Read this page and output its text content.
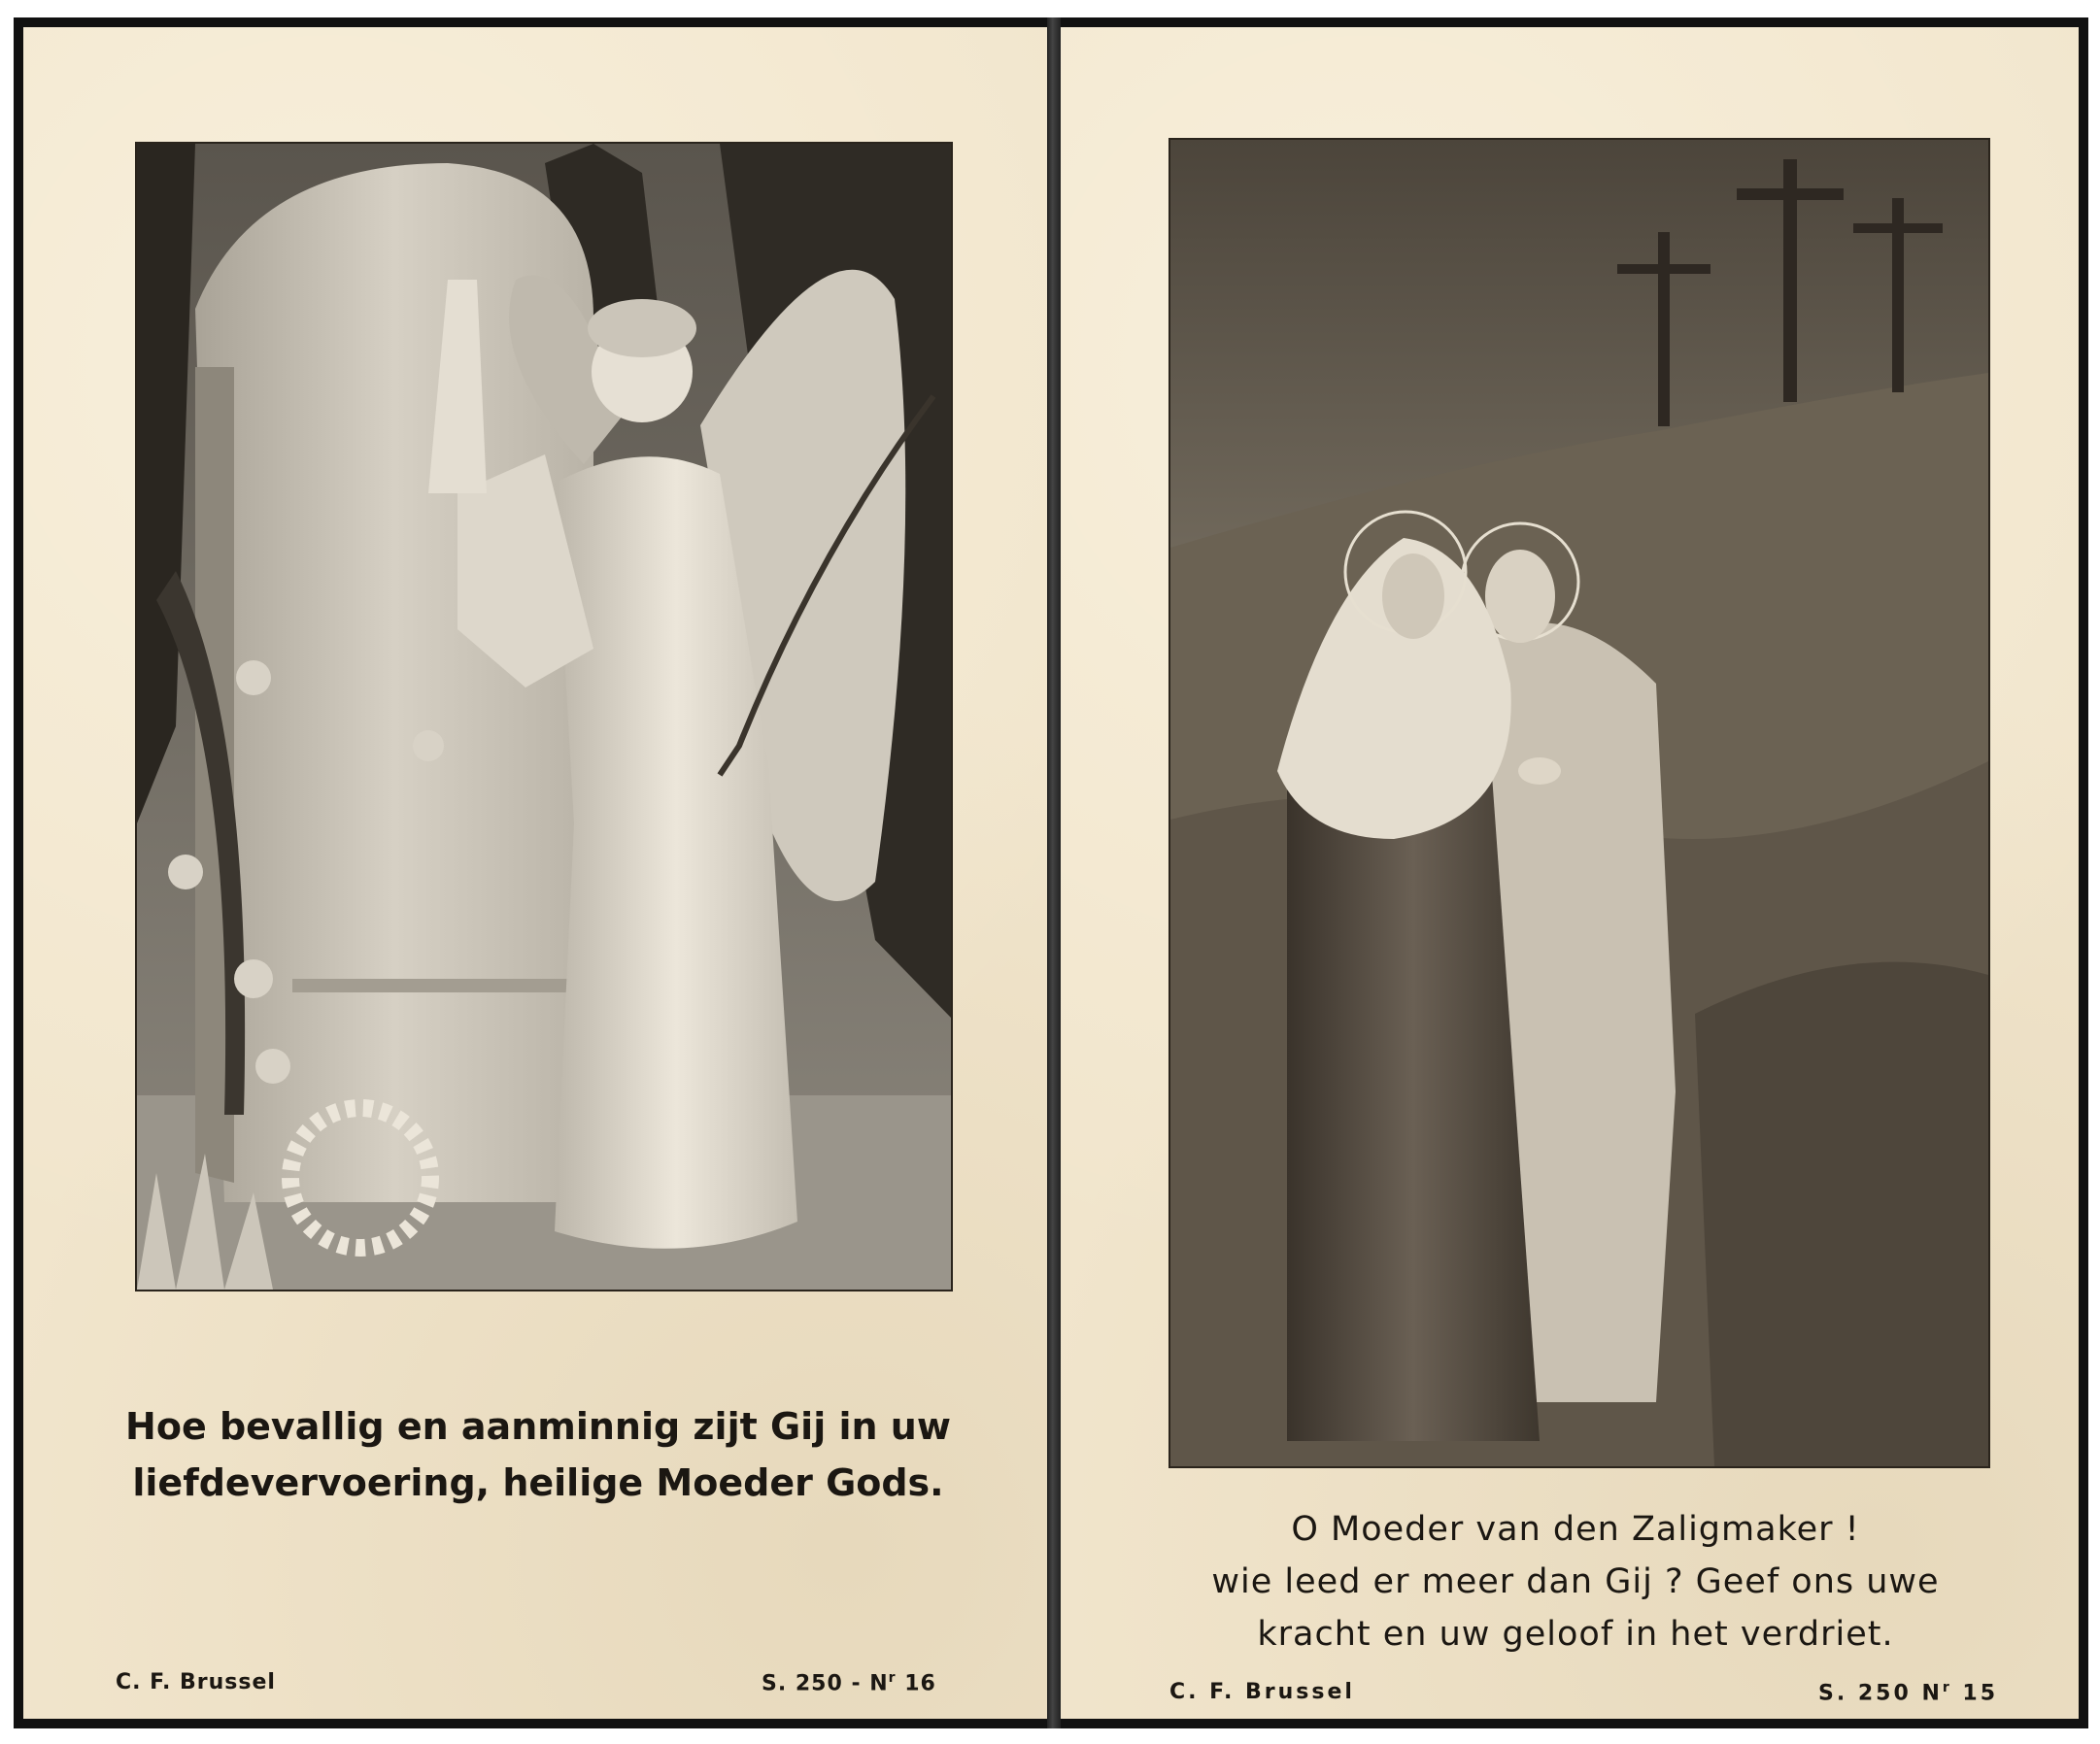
Hoe bevallig en aanminnig zijt Gij in uw
liefdevervoering, heilige Moeder Gods.
C. F. Brussel	S. $250 - N^r$ 16
O Moeder van den Zaligmaker !
wie leed er meer dan Gij ? Geef ons uwe
kracht en uw geloof in het verdriet.
C. F. Brussel	S. 250 $N^r$ 15
